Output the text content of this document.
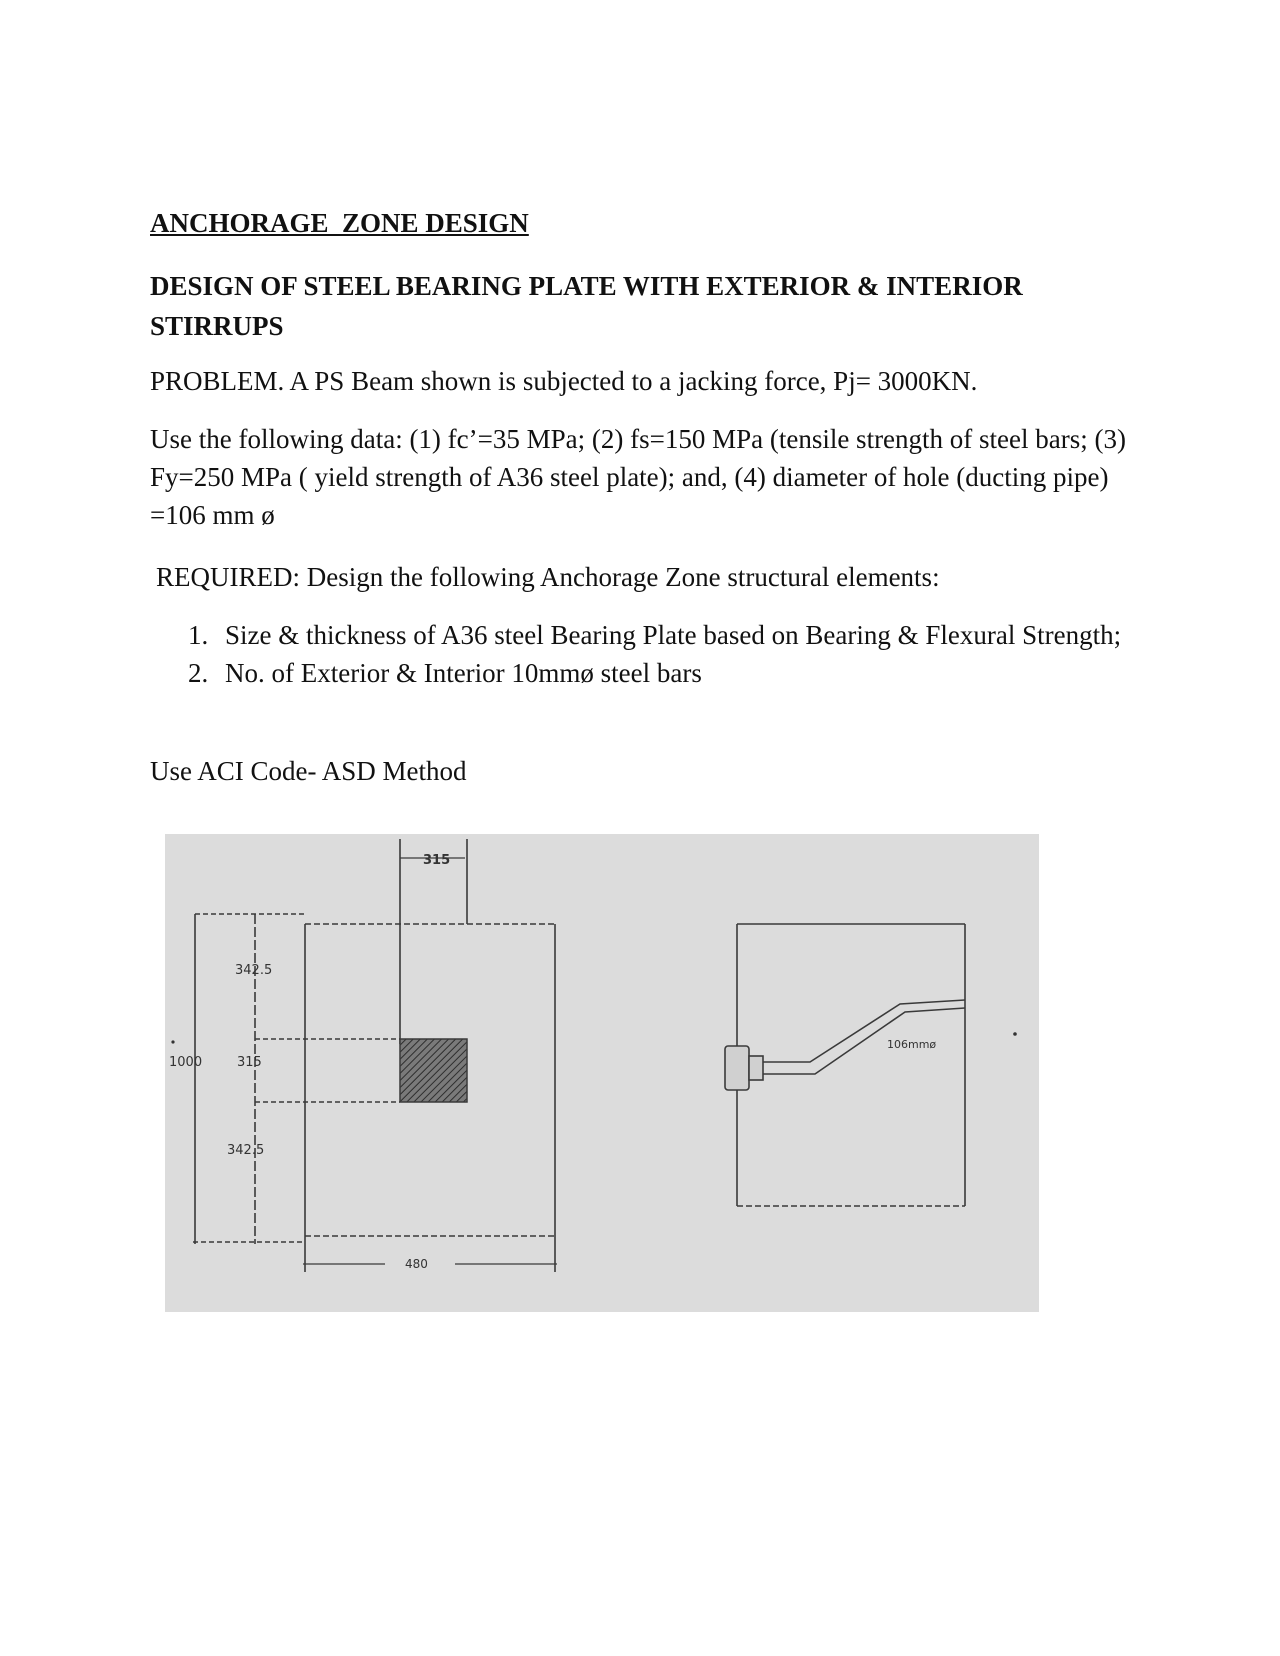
ANCHORAGE  ZONE DESIGN
DESIGN OF STEEL BEARING PLATE WITH EXTERIOR & INTERIOR STIRRUPS

PROBLEM. A PS Beam shown is subjected to a jacking force, Pj= 3000KN.

Use the following data: (1) fc’=35 MPa; (2) fs=150 MPa (tensile strength of steel bars; (3) Fy=250 MPa ( yield strength of A36 steel plate); and, (4) diameter of hole (ducting pipe) =106 mm ø

REQUIRED: Design the following Anchorage Zone structural elements:

1. Size & thickness of A36 steel Bearing Plate based on Bearing & Flexural Strength;
2. No. of Exterior & Interior 10mmø steel bars

Use ACI Code- ASD Method

315
342.5
1000	315
342.5
480
106mmø
